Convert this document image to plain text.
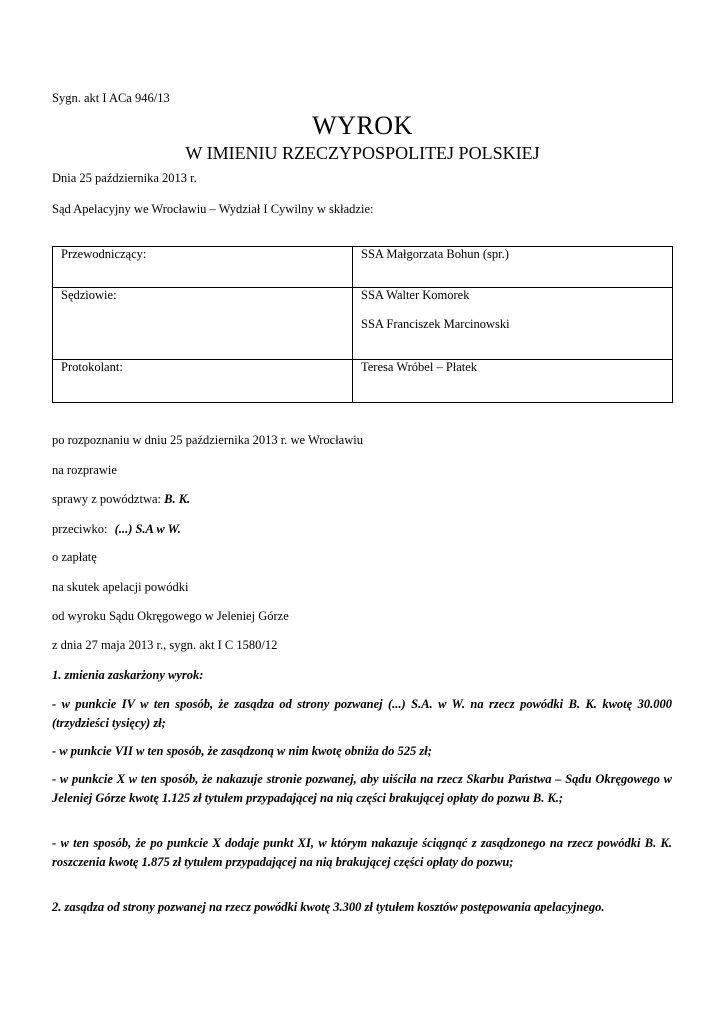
Sygn. akt I ACa 946/13
WYROK
W IMIENIU RZECZYPOSPOLITEJ POLSKIEJ
Dnia 25 października 2013 r.
Sąd Apelacyjny we Wrocławiu – Wydział I Cywilny w składzie:
Przewodniczący:	SSA Małgorzata Bohun (spr.)
Sędziowie:	SSA Walter Komorek
SSA Franciszek Marcinowski

Protokolant:	Teresa Wróbel – Płatek
po rozpoznaniu w dniu 25 października 2013 r. we Wrocławiu
na rozprawie
sprawy z powództwa: B. K.
przeciwko: (...) S.A w W.
o zapłatę
na skutek apelacji powódki
od wyroku Sądu Okręgowego w Jeleniej Górze
z dnia 27 maja 2013 r., sygn. akt I C 1580/12
1. zmienia zaskarżony wyrok:
- w punkcie IV w ten sposób, że zasądza od strony pozwanej (...) S.A. w W. na rzecz powódki B. K. kwotę 30.000 (trzydzieści tysięcy) zł;
- w punkcie VII w ten sposób, że zasądzoną w nim kwotę obniża do 525 zł;
- w punkcie X w ten sposób, że nakazuje stronie pozwanej, aby uiściła na rzecz Skarbu Państwa – Sądu Okręgowego w Jeleniej Górze kwotę 1.125 zł tytułem przypadającej na nią części brakującej opłaty do pozwu B. K.;
- w ten sposób, że po punkcie X dodaje punkt XI, w którym nakazuje ściągnąć z zasądzonego na rzecz powódki B. K. roszczenia kwotę 1.875 zł tytułem przypadającej na nią brakującej części opłaty do pozwu;
2. zasądza od strony pozwanej na rzecz powódki kwotę 3.300 zł tytułem kosztów postępowania apelacyjnego.
